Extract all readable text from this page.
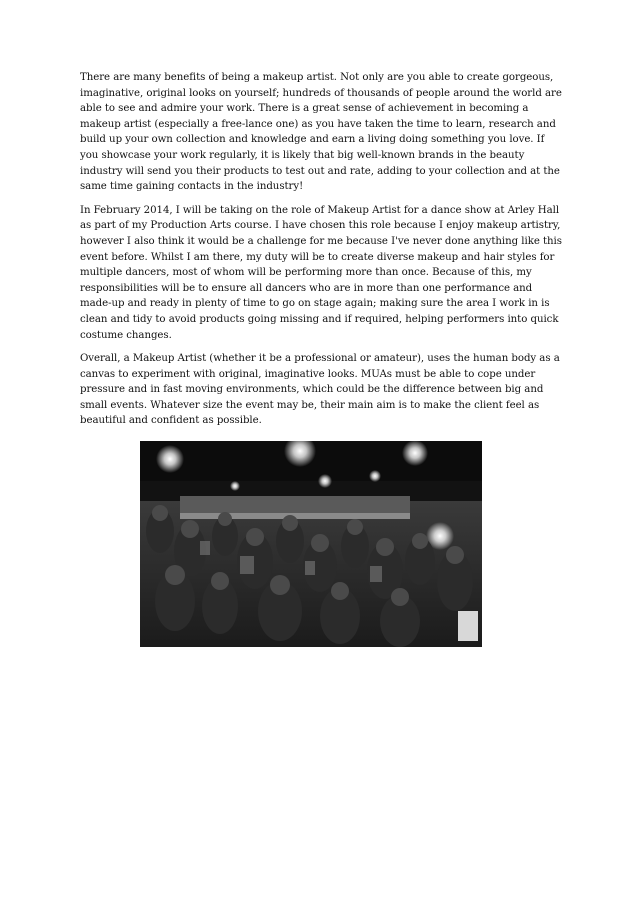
There are many benefits of being a makeup artist. Not only are you able to create gorgeous, imaginative, original looks on yourself; hundreds of thousands of people around the world are able to see and admire your work. There is a great sense of achievement in becoming a makeup artist (especially a free-lance one) as you have taken the time to learn, research and build up your own collection and knowledge and earn a living doing something you love. If you showcase your work regularly, it is likely that big well-known brands in the beauty industry will send you their products to test out and rate, adding to your collection and at the same time gaining contacts in the industry!

In February 2014, I will be taking on the role of Makeup Artist for a dance show at Arley Hall as part of my Production Arts course. I have chosen this role because I enjoy makeup artistry, however I also think it would be a challenge for me because I've never done anything like this event before. Whilst I am there, my duty will be to create diverse makeup and hair styles for multiple dancers, most of whom will be performing more than once. Because of this, my responsibilities will be to ensure all dancers who are in more than one performance and made-up and ready in plenty of time to go on stage again; making sure the area I work in is clean and tidy to avoid products going missing and if required, helping performers into quick costume changes.

Overall, a Makeup Artist (whether it be a professional or amateur), uses the human body as a canvas to experiment with original, imaginative looks. MUAs must be able to cope under pressure and in fast moving environments, which could be the difference between big and small events. Whatever size the event may be, their main aim is to make the client feel as beautiful and confident as possible.
